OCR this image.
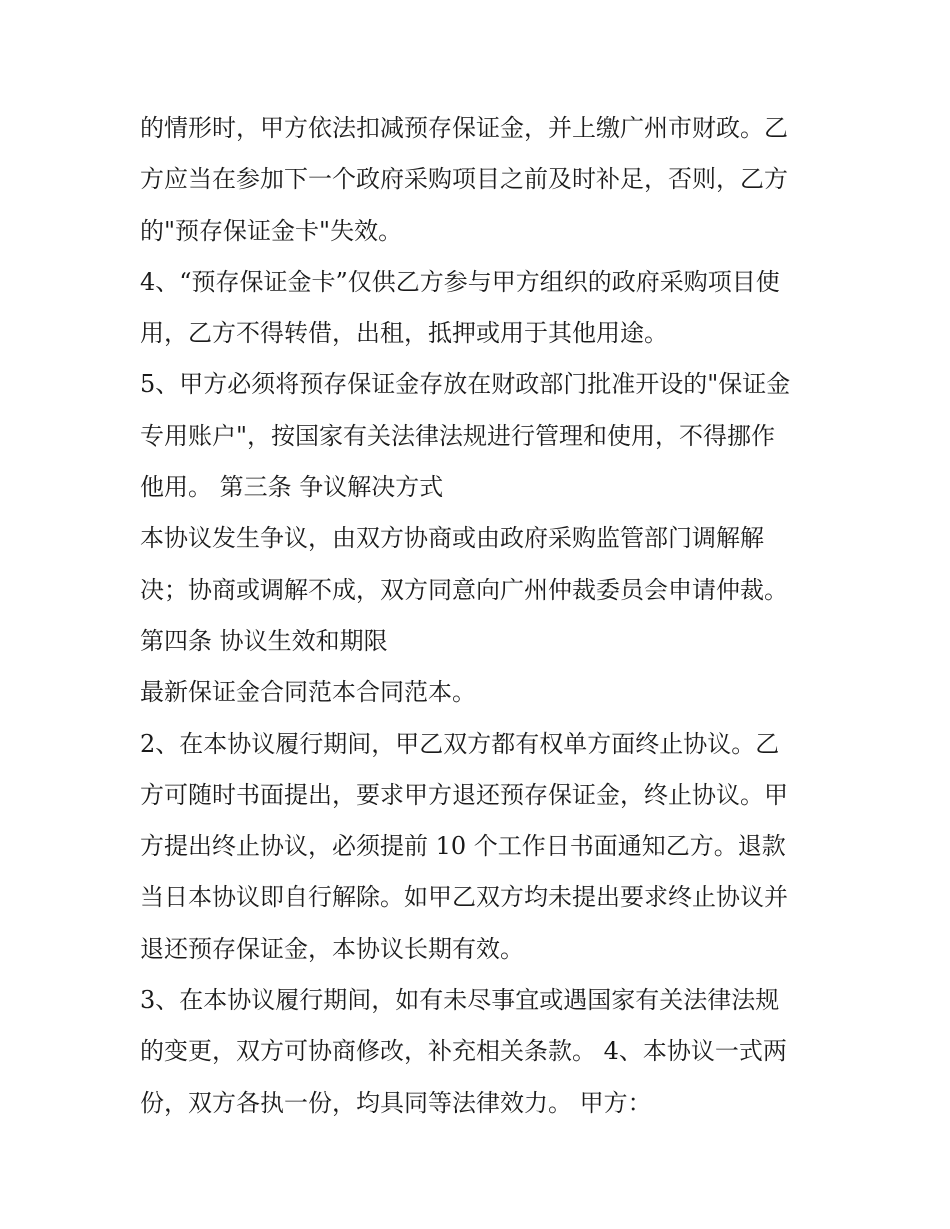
的情形时，甲方依法扣减预存保证金，并上缴广州市财政。乙
方应当在参加下一个政府采购项目之前及时补足，否则，乙方
的"预存保证金卡"失效。
4、“预存保证金卡”仅供乙方参与甲方组织的政府采购项目使
用，乙方不得转借，出租，抵押或用于其他用途。
5、甲方必须将预存保证金存放在财政部门批准开设的"保证金
专用账户"，按国家有关法律法规进行管理和使用，不得挪作
他用。 第三条 争议解决方式
本协议发生争议，由双方协商或由政府采购监管部门调解解
决；协商或调解不成，双方同意向广州仲裁委员会申请仲裁。
第四条 协议生效和期限
最新保证金合同范本合同范本。
2、在本协议履行期间，甲乙双方都有权单方面终止协议。乙
方可随时书面提出，要求甲方退还预存保证金，终止协议。甲
方提出终止协议，必须提前 10 个工作日书面通知乙方。退款
当日本协议即自行解除。如甲乙双方均未提出要求终止协议并
退还预存保证金，本协议长期有效。
3、在本协议履行期间，如有未尽事宜或遇国家有关法律法规
的变更，双方可协商修改，补充相关条款。 4、本协议一式两
份，双方各执一份，均具同等法律效力。 甲方：
